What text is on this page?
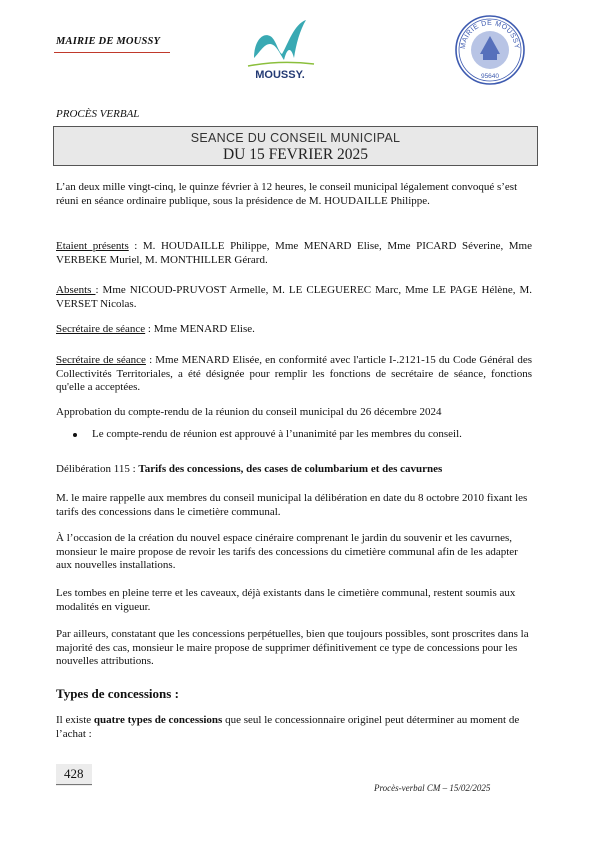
MAIRIE DE MOUSSY
MOUSSY.
MAIRIE DE MOUSSY
95640
PROCÈS VERBAL
SEANCE DU CONSEIL MUNICIPAL
DU 15 FEVRIER 2025
L’an deux mille vingt-cinq, le quinze février à 12 heures, le conseil municipal légalement convoqué s’est réuni en séance ordinaire publique, sous la présidence de M. HOUDAILLE Philippe.
Etaient présents : M. HOUDAILLE Philippe, Mme MENARD Elise, Mme PICARD Séverine, Mme VERBEKE Muriel, M. MONTHILLER Gérard.
Absents : Mme NICOUD-PRUVOST Armelle, M. LE CLEGUEREC Marc, Mme LE PAGE Hélène, M. VERSET Nicolas.
Secrétaire de séance : Mme MENARD Elise.
Secrétaire de séance : Mme MENARD Elisée, en conformité avec l'article I-.2121-15 du Code Général des Collectivités Territoriales, a été désignée pour remplir les fonctions de secrétaire de séance, fonctions qu'elle a acceptées.
Approbation du compte-rendu de la réunion du conseil municipal du 26 décembre 2024
Le compte-rendu de réunion est approuvé à l’unanimité par les membres du conseil.
Délibération 115 : Tarifs des concessions, des cases de columbarium et des cavurnes
M. le maire rappelle aux membres du conseil municipal la délibération en date du 8 octobre 2010 fixant les tarifs des concessions dans le cimetière communal.
À l’occasion de la création du nouvel espace cinéraire comprenant le jardin du souvenir et les cavurnes, monsieur le maire propose de revoir les tarifs des concessions du cimetière communal afin de les adapter aux nouvelles installations.
Les tombes en pleine terre et les caveaux, déjà existants dans le cimetière communal, restent soumis aux modalités en vigueur.
Par ailleurs, constatant que les concessions perpétuelles, bien que toujours possibles, sont proscrites dans la majorité des cas, monsieur le maire propose de supprimer définitivement ce type de concessions pour les nouvelles attributions.
Types de concessions :
Il existe quatre types de concessions que seul le concessionnaire originel peut déterminer au moment de l’achat :
428
Procès-verbal CM – 15/02/2025
